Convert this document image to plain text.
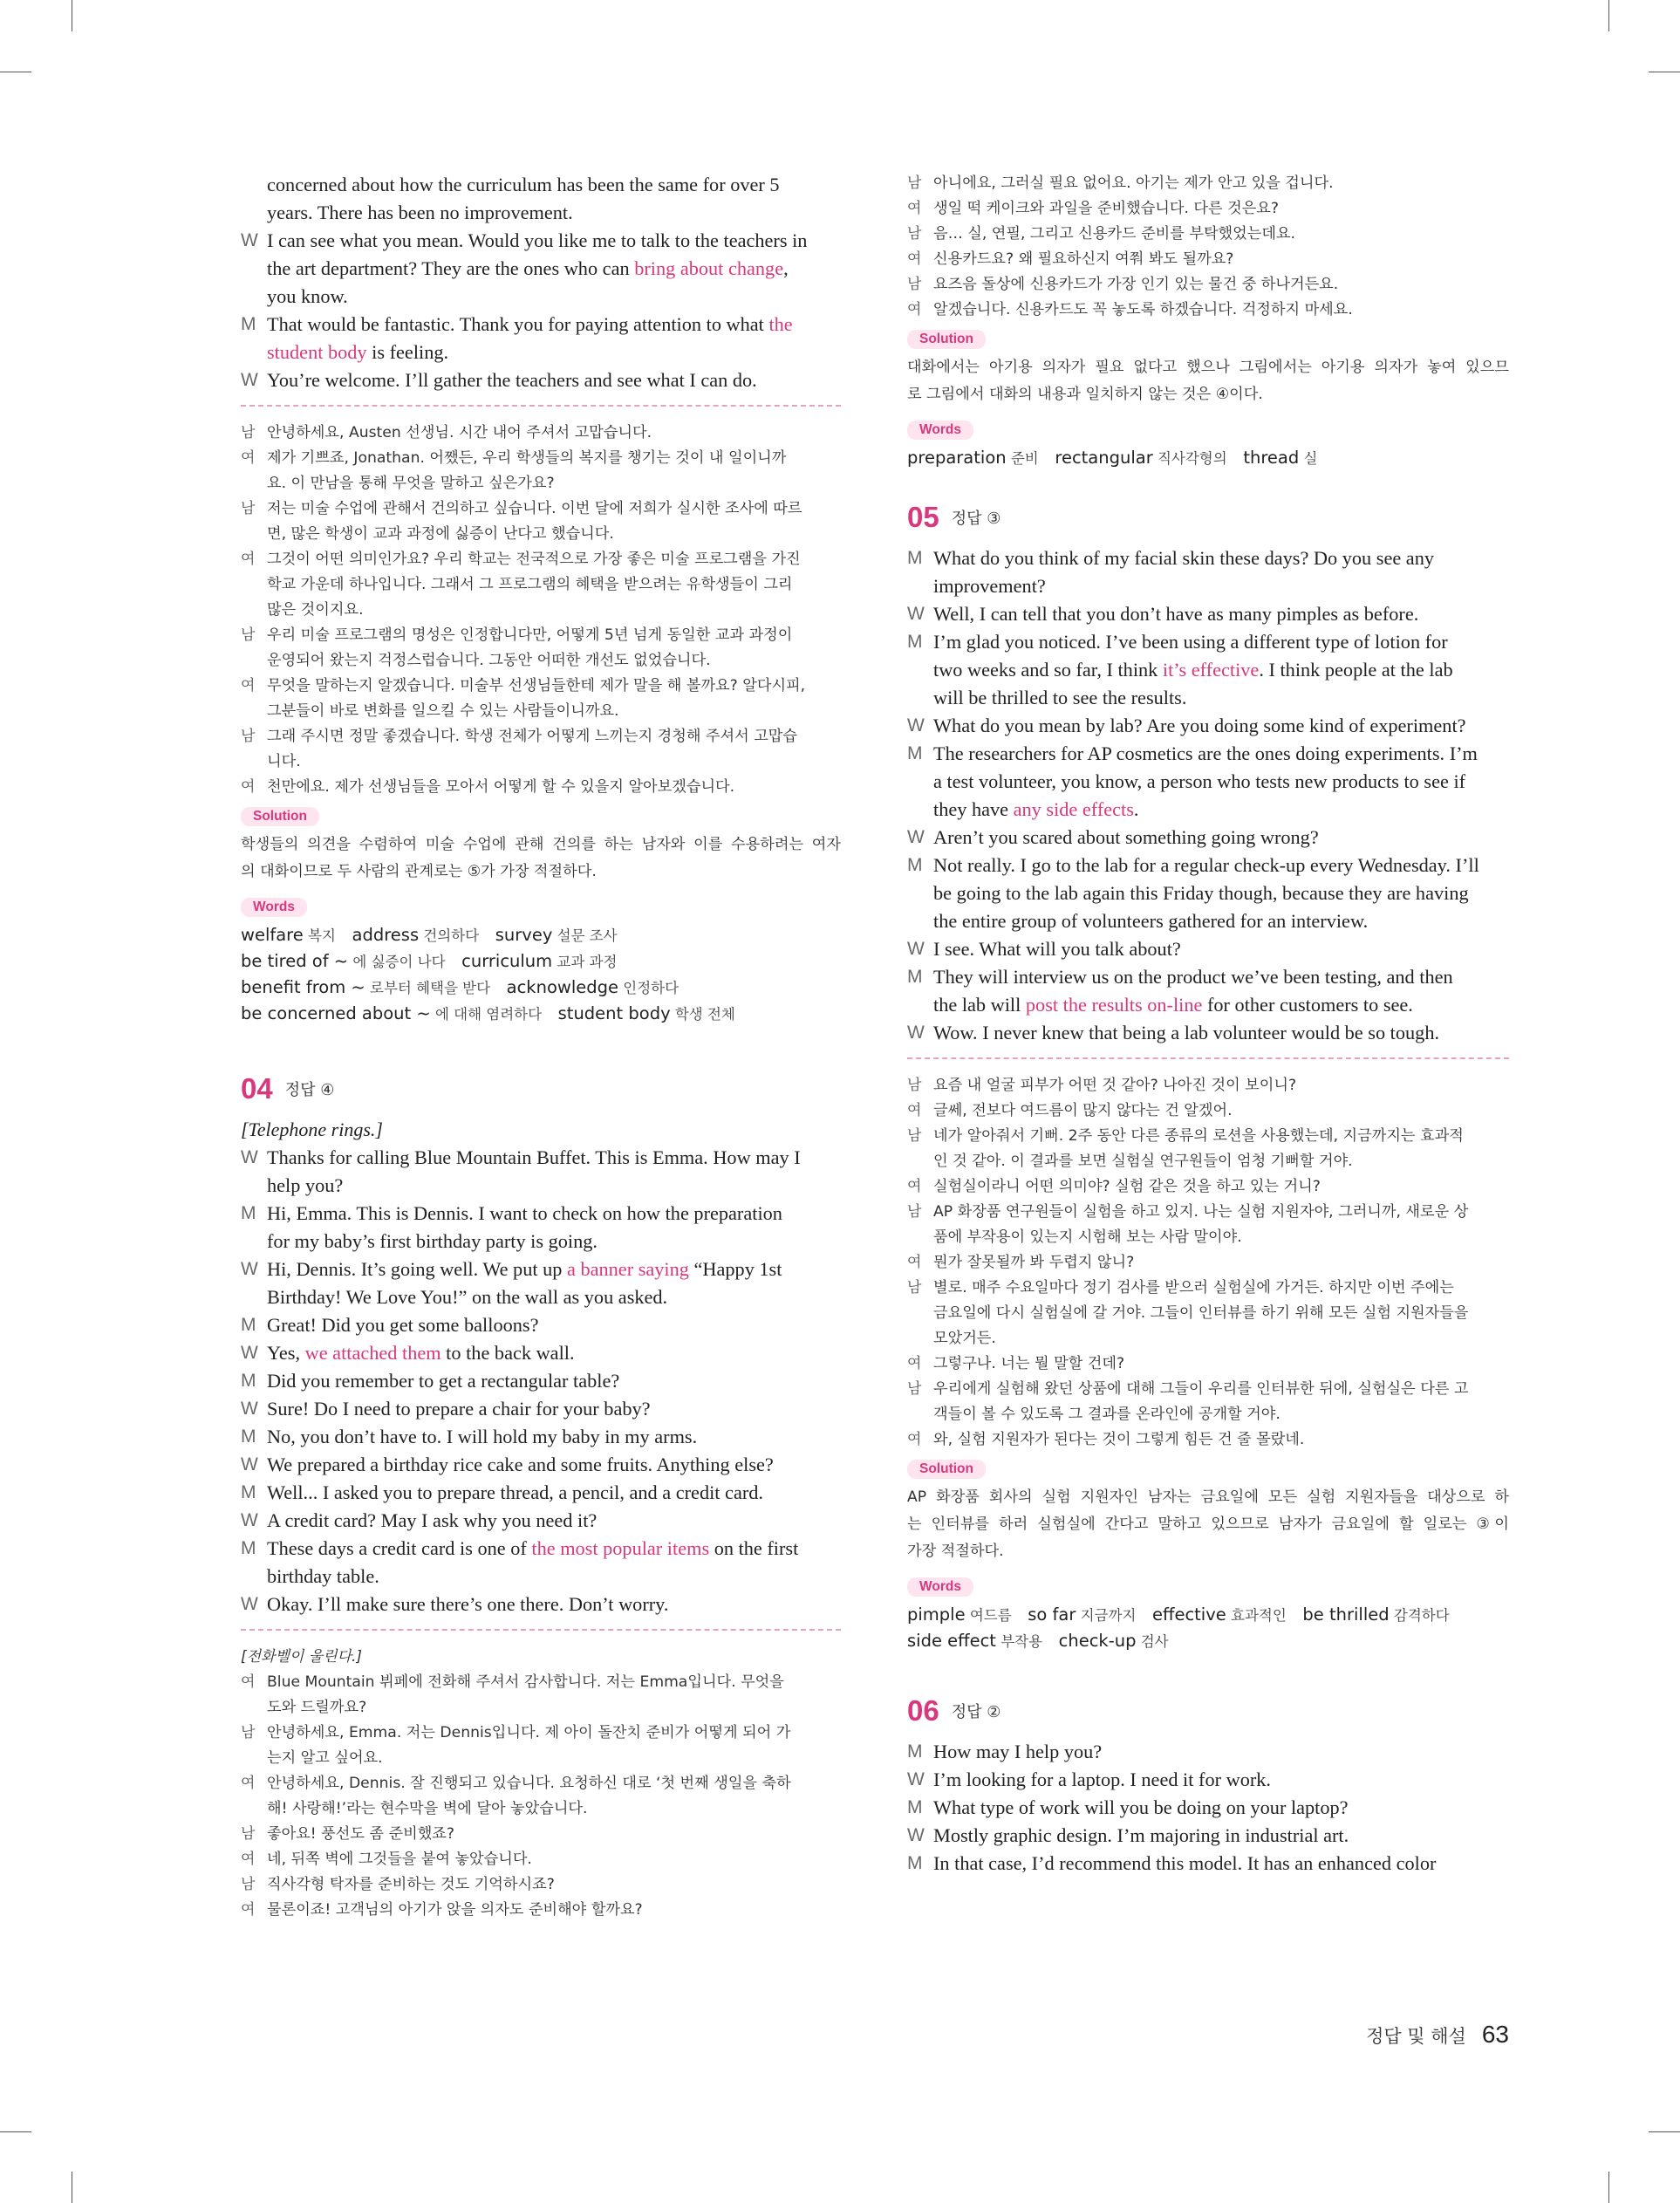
concerned about how the curriculum has been the same for over 5
years. There has been no improvement.
W I can see what you mean. Would you like me to talk to the teachers in
the art department? They are the ones who can bring about change,
you know.
M That would be fantastic. Thank you for paying attention to what the
student body is feeling.
W You’re welcome. I’ll gather the teachers and see what I can do.
남 안녕하세요, Austen 선생님. 시간 내어 주셔서 고맙습니다.
여 제가 기쁘죠, Jonathan. 어쨌든, 우리 학생들의 복지를 챙기는 것이 내 일이니까
요. 이 만남을 통해 무엇을 말하고 싶은가요?
남 저는 미술 수업에 관해서 건의하고 싶습니다. 이번 달에 저희가 실시한 조사에 따르
면, 많은 학생이 교과 과정에 싫증이 난다고 했습니다.
여 그것이 어떤 의미인가요? 우리 학교는 전국적으로 가장 좋은 미술 프로그램을 가진
학교 가운데 하나입니다. 그래서 그 프로그램의 혜택을 받으려는 유학생들이 그리
많은 것이지요.
남 우리 미술 프로그램의 명성은 인정합니다만, 어떻게 5년 넘게 동일한 교과 과정이
운영되어 왔는지 걱정스럽습니다. 그동안 어떠한 개선도 없었습니다.
여 무엇을 말하는지 알겠습니다. 미술부 선생님들한테 제가 말을 해 볼까요? 알다시피,
그분들이 바로 변화를 일으킬 수 있는 사람들이니까요.
남 그래 주시면 정말 좋겠습니다. 학생 전체가 어떻게 느끼는지 경청해 주셔서 고맙습
니다.
여 천만에요. 제가 선생님들을 모아서 어떻게 할 수 있을지 알아보겠습니다.
Solution
학생들의 의견을 수렴하여 미술 수업에 관해 건의를 하는 남자와 이를 수용하려는 여자
의 대화이므로 두 사람의 관계로는 ⑤가 가장 적절하다.
Words
welfare 복지 address 건의하다 survey 설문 조사
be tired of ~ 에 싫증이 나다 curriculum 교과 과정
benefit from ~ 로부터 혜택을 받다 acknowledge 인정하다
be concerned about ~ 에 대해 염려하다 student body 학생 전체
04 정답 ④
[Telephone rings.]
W Thanks for calling Blue Mountain Buffet. This is Emma. How may I
help you?
M Hi, Emma. This is Dennis. I want to check on how the preparation
for my baby’s first birthday party is going.
W Hi, Dennis. It’s going well. We put up a banner saying “Happy 1st
Birthday! We Love You!” on the wall as you asked.
M Great! Did you get some balloons?
W Yes, we attached them to the back wall.
M Did you remember to get a rectangular table?
W Sure! Do I need to prepare a chair for your baby?
M No, you don’t have to. I will hold my baby in my arms.
W We prepared a birthday rice cake and some fruits. Anything else?
M Well... I asked you to prepare thread, a pencil, and a credit card.
W A credit card? May I ask why you need it?
M These days a credit card is one of the most popular items on the first
birthday table.
W Okay. I’ll make sure there’s one there. Don’t worry.
[전화벨이 울린다.]
여 Blue Mountain 뷔페에 전화해 주셔서 감사합니다. 저는 Emma입니다. 무엇을
도와 드릴까요?
남 안녕하세요, Emma. 저는 Dennis입니다. 제 아이 돌잔치 준비가 어떻게 되어 가
는지 알고 싶어요.
여 안녕하세요, Dennis. 잘 진행되고 있습니다. 요청하신 대로 ‘첫 번째 생일을 축하
해! 사랑해!’라는 현수막을 벽에 달아 놓았습니다.
남 좋아요! 풍선도 좀 준비했죠?
여 네, 뒤쪽 벽에 그것들을 붙여 놓았습니다.
남 직사각형 탁자를 준비하는 것도 기억하시죠?
여 물론이죠! 고객님의 아기가 앉을 의자도 준비해야 할까요?
남 아니에요, 그러실 필요 없어요. 아기는 제가 안고 있을 겁니다.
여 생일 떡 케이크와 과일을 준비했습니다. 다른 것은요?
남 음… 실, 연필, 그리고 신용카드 준비를 부탁했었는데요.
여 신용카드요? 왜 필요하신지 여쭤 봐도 될까요?
남 요즈음 돌상에 신용카드가 가장 인기 있는 물건 중 하나거든요.
여 알겠습니다. 신용카드도 꼭 놓도록 하겠습니다. 걱정하지 마세요.
Solution
대화에서는 아기용 의자가 필요 없다고 했으나 그림에서는 아기용 의자가 놓여 있으므
로 그림에서 대화의 내용과 일치하지 않는 것은 ④이다.
Words
preparation 준비 rectangular 직사각형의 thread 실
05 정답 ③
M What do you think of my facial skin these days? Do you see any
improvement?
W Well, I can tell that you don’t have as many pimples as before.
M I’m glad you noticed. I’ve been using a different type of lotion for
two weeks and so far, I think it’s effective. I think people at the lab
will be thrilled to see the results.
W What do you mean by lab? Are you doing some kind of experiment?
M The researchers for AP cosmetics are the ones doing experiments. I’m
a test volunteer, you know, a person who tests new products to see if
they have any side effects.
W Aren’t you scared about something going wrong?
M Not really. I go to the lab for a regular check-up every Wednesday. I’ll
be going to the lab again this Friday though, because they are having
the entire group of volunteers gathered for an interview.
W I see. What will you talk about?
M They will interview us on the product we’ve been testing, and then
the lab will post the results on-line for other customers to see.
W Wow. I never knew that being a lab volunteer would be so tough.
남 요즘 내 얼굴 피부가 어떤 것 같아? 나아진 것이 보이니?
여 글쎄, 전보다 여드름이 많지 않다는 건 알겠어.
남 네가 알아줘서 기뻐. 2주 동안 다른 종류의 로션을 사용했는데, 지금까지는 효과적
인 것 같아. 이 결과를 보면 실험실 연구원들이 엄청 기뻐할 거야.
여 실험실이라니 어떤 의미야? 실험 같은 것을 하고 있는 거니?
남 AP 화장품 연구원들이 실험을 하고 있지. 나는 실험 지원자야, 그러니까, 새로운 상
품에 부작용이 있는지 시험해 보는 사람 말이야.
여 뭔가 잘못될까 봐 두렵지 않니?
남 별로. 매주 수요일마다 정기 검사를 받으러 실험실에 가거든. 하지만 이번 주에는
금요일에 다시 실험실에 갈 거야. 그들이 인터뷰를 하기 위해 모든 실험 지원자들을
모았거든.
여 그렇구나. 너는 뭘 말할 건데?
남 우리에게 실험해 왔던 상품에 대해 그들이 우리를 인터뷰한 뒤에, 실험실은 다른 고
객들이 볼 수 있도록 그 결과를 온라인에 공개할 거야.
여 와, 실험 지원자가 된다는 것이 그렇게 힘든 건 줄 몰랐네.
Solution
AP 화장품 회사의 실험 지원자인 남자는 금요일에 모든 실험 지원자들을 대상으로 하
는 인터뷰를 하러 실험실에 간다고 말하고 있으므로 남자가 금요일에 할 일로는 ③이
가장 적절하다.
Words
pimple 여드름 so far 지금까지 effective 효과적인 be thrilled 감격하다
side effect 부작용 check-up 검사
06 정답 ②
M How may I help you?
W I’m looking for a laptop. I need it for work.
M What type of work will you be doing on your laptop?
W Mostly graphic design. I’m majoring in industrial art.
M In that case, I’d recommend this model. It has an enhanced color
정답 및 해설 63
